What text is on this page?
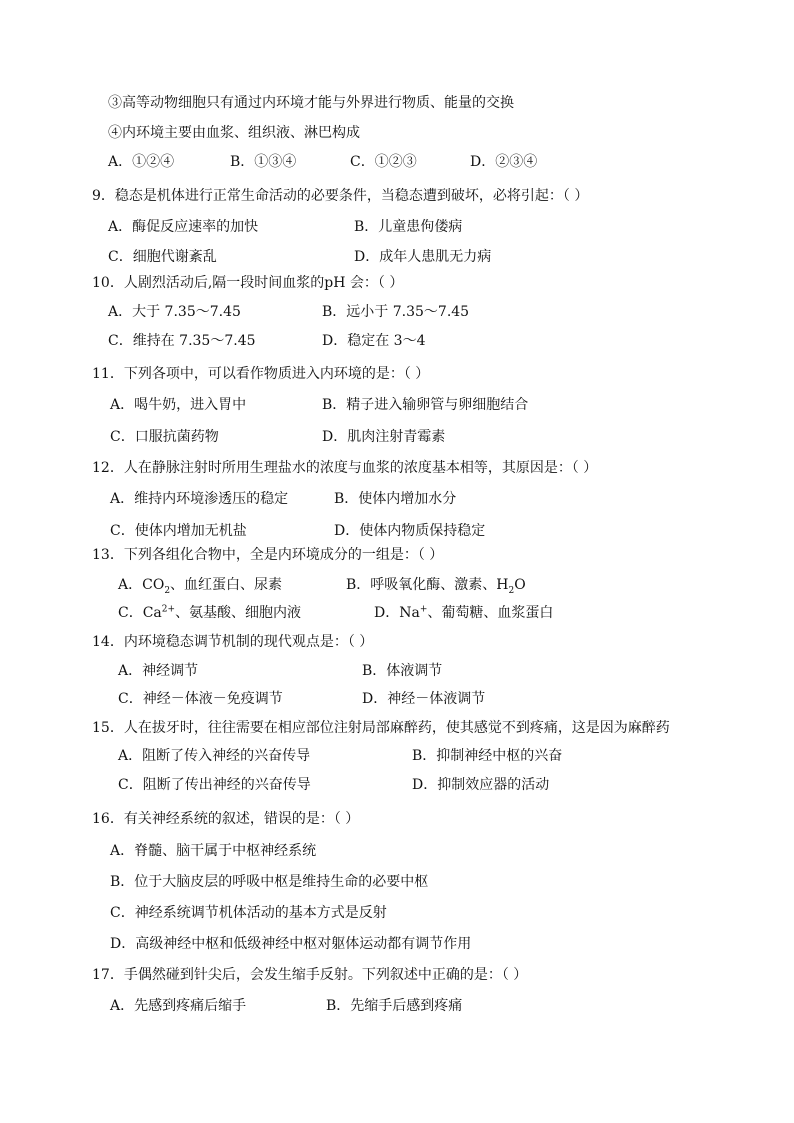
③高等动物细胞只有通过内环境才能与外界进行物质、能量的交换
④内环境主要由血浆、组织液、淋巴构成
A．①②④	B．①③④	C．①②③	D．②③④
9．稳态是机体进行正常生命活动的必要条件，当稳态遭到破坏，必将引起：（ ）
A．酶促反应速率的加快	B．儿童患佝偻病
C．细胞代谢紊乱	D．成年人患肌无力病
10．人剧烈活动后,隔一段时间血浆的pH 会：（ ）
A．大于 7.35～7.45	B．远小于 7.35～7.45
C．维持在 7.35～7.45	D．稳定在 3～4
11．下列各项中，可以看作物质进入内环境的是：（ ）
A．喝牛奶，进入胃中	B．精子进入输卵管与卵细胞结合
C．口服抗菌药物	D．肌肉注射青霉素
12．人在静脉注射时所用生理盐水的浓度与血浆的浓度基本相等，其原因是：（ ）
A．维持内环境渗透压的稳定	B．使体内增加水分
C．使体内增加无机盐	D．使体内物质保持稳定
13．下列各组化合物中，全是内环境成分的一组是：（ ）
A．$CO_2$、血红蛋白、尿素	B．呼吸氧化酶、激素、$H_2O$
C．$Ca^{2+}$、氨基酸、细胞内液	D．Na+、葡萄糖、血浆蛋白
14．内环境稳态调节机制的现代观点是：（ ）
A．神经调节	B．体液调节
C．神经－体液－免疫调节	D．神经－体液调节
15．人在拔牙时，往往需要在相应部位注射局部麻醉药，使其感觉不到疼痛，这是因为麻醉药
A．阻断了传入神经的兴奋传导	B．抑制神经中枢的兴奋
C．阻断了传出神经的兴奋传导	D．抑制效应器的活动
16．有关神经系统的叙述，错误的是：（ ）
A．脊髓、脑干属于中枢神经系统
B．位于大脑皮层的呼吸中枢是维持生命的必要中枢
C．神经系统调节机体活动的基本方式是反射
D．高级神经中枢和低级神经中枢对躯体运动都有调节作用
17．手偶然碰到针尖后，会发生缩手反射。下列叙述中正确的是：（ ）
A．先感到疼痛后缩手	B．先缩手后感到疼痛
